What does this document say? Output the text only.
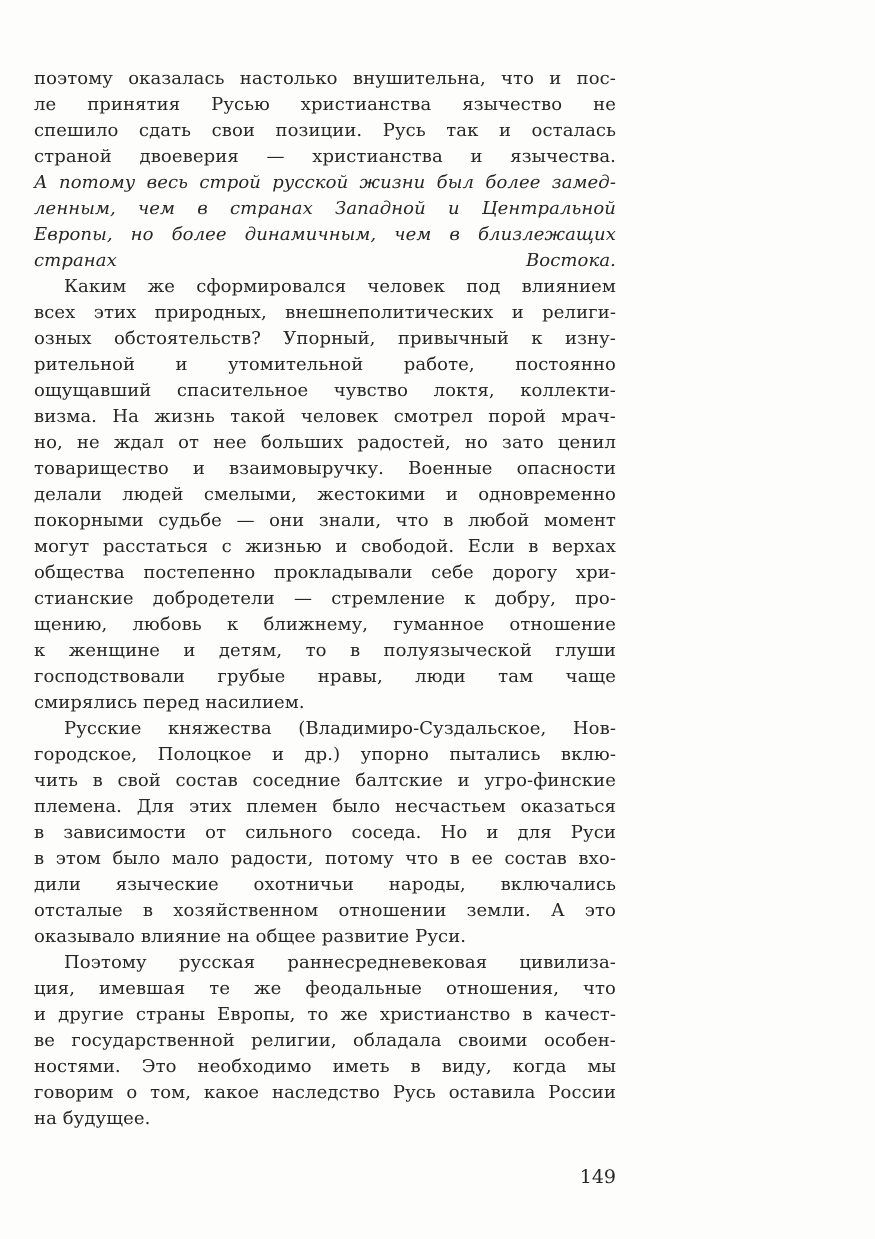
поэтому оказалась настолько внушительна, что и пос-
ле принятия Русью христианства язычество не
спешило сдать свои позиции. Русь так и осталась
страной двоеверия — христианства и язычества.
А потому весь строй русской жизни был более замед-
ленным, чем в странах Западной и Центральной
Европы, но более динамичным, чем в близлежащих
странах Востока.
Каким же сформировался человек под влиянием
всех этих природных, внешнеполитических и религи-
озных обстоятельств? Упорный, привычный к изну-
рительной и утомительной работе, постоянно
ощущавший спасительное чувство локтя, коллекти-
визма. На жизнь такой человек смотрел порой мрач-
но, не ждал от нее больших радостей, но зато ценил
товарищество и взаимовыручку. Военные опасности
делали людей смелыми, жестокими и одновременно
покорными судьбе — они знали, что в любой момент
могут расстаться с жизнью и свободой. Если в верхах
общества постепенно прокладывали себе дорогу хри-
стианские добродетели — стремление к добру, про-
щению, любовь к ближнему, гуманное отношение
к женщине и детям, то в полуязыческой глуши
господствовали грубые нравы, люди там чаще
смирялись перед насилием.
Русские княжества (Владимиро-Суздальское, Нов-
городское, Полоцкое и др.) упорно пытались вклю-
чить в свой состав соседние балтские и угро-финские
племена. Для этих племен было несчастьем оказаться
в зависимости от сильного соседа. Но и для Руси
в этом было мало радости, потому что в ее состав вхо-
дили языческие охотничьи народы, включались
отсталые в хозяйственном отношении земли. А это
оказывало влияние на общее развитие Руси.
Поэтому русская раннесредневековая цивилиза-
ция, имевшая те же феодальные отношения, что
и другие страны Европы, то же христианство в качест-
ве государственной религии, обладала своими особен-
ностями. Это необходимо иметь в виду, когда мы
говорим о том, какое наследство Русь оставила России
на будущее.
149
